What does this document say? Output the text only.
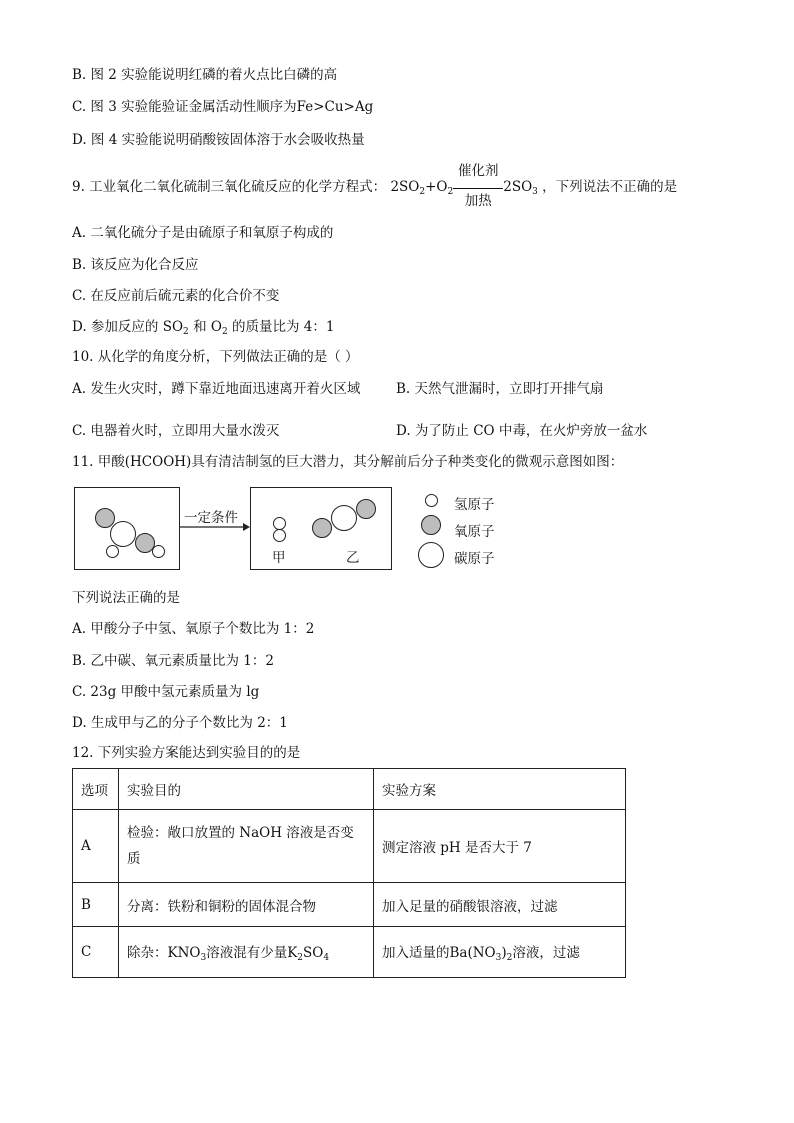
B. 图 2 实验能说明红磷的着火点比白磷的高
C. 图 3 实验能验证金属活动性顺序为Fe>Cu>Ag
D. 图 4 实验能说明硝酸铵固体溶于水会吸收热量
9. 工业氧化二氧化硫制三氧化硫反应的化学方程式： $2SO_2+O_2 \frac{\text{催化剂}}{\text{加热}} 2SO_3$ ，下列说法不正确的是
A. 二氧化硫分子是由硫原子和氧原子构成的
B. 该反应为化合反应
C. 在反应前后硫元素的化合价不变
D. 参加反应的 $SO_2$ 和 $O_2$ 的质量比为 4：1
10. 从化学的角度分析，下列做法正确的是（ ）
A. 发生火灾时，蹲下靠近地面迅速离开着火区域	B. 天然气泄漏时，立即打开排气扇
C. 电器着火时，立即用大量水泼灭	D. 为了防止 CO 中毒，在火炉旁放一盆水
11. 甲酸(HCOOH)具有清洁制氢的巨大潜力，其分解前后分子种类变化的微观示意图如图：
一定条件
甲	乙
氢原子
氧原子
碳原子
下列说法正确的是
A. 甲酸分子中氢、氧原子个数比为 1：2
B. 乙中碳、氧元素质量比为 1：2
C. 23g 甲酸中氢元素质量为 lg
D. 生成甲与乙的分子个数比为 2：1
12. 下列实验方案能达到实验目的的是
选项	实验目的	实验方案
A	检验：敞口放置的 NaOH 溶液是否变
质	测定溶液 pH 是否大于 7
B	分离：铁粉和铜粉的固体混合物	加入足量的硝酸银溶液，过滤
C	除杂：$KNO_3$溶液混有少量$K_2SO_4$	加入适量的$Ba(NO_3)_2$溶液，过滤
